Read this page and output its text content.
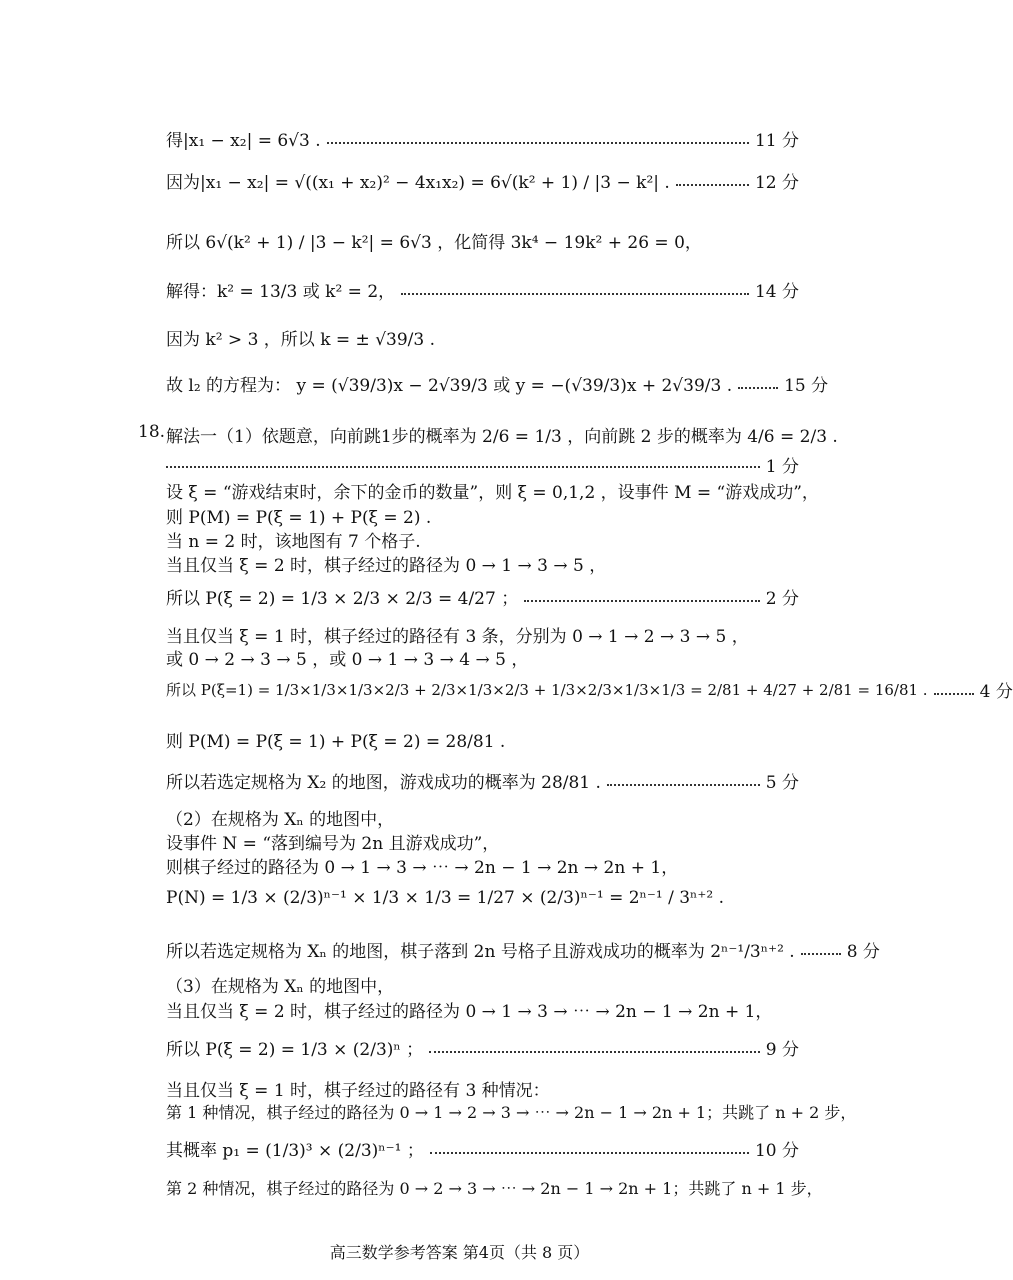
得|x₁ − x₂| = 6√3 .	11 分
因为|x₁ − x₂| = √((x₁ + x₂)² − 4x₁x₂) = 6√(k² + 1) / |3 − k²| .	12 分
所以 6√(k² + 1) / |3 − k²| = 6√3 ，化简得 3k⁴ − 19k² + 26 = 0，
解得：k² = 13/3 或 k² = 2，	14 分
因为 k² > 3 ，所以 k = ± √39/3 .
故 l₂ 的方程为： y = (√39/3)x − 2√39/3 或 y = −(√39/3)x + 2√39/3 .	15 分
18. 解法一（1）依题意，向前跳1步的概率为 2/6 = 1/3 ，向前跳 2 步的概率为 4/6 = 2/3 .
1 分
设 ξ = “游戏结束时，余下的金币的数量”，则 ξ = 0,1,2 ，设事件 M = “游戏成功”，
则 P(M) = P(ξ = 1) + P(ξ = 2) .
当 n = 2 时，该地图有 7 个格子.
当且仅当 ξ = 2 时，棋子经过的路径为 0 → 1 → 3 → 5 ，
所以 P(ξ = 2) = 1/3 × 2/3 × 2/3 = 4/27 ；	2 分
当且仅当 ξ = 1 时，棋子经过的路径有 3 条，分别为 0 → 1 → 2 → 3 → 5 ，
或 0 → 2 → 3 → 5 ，或 0 → 1 → 3 → 4 → 5 ，
所以 P(ξ=1) = 1/3×1/3×1/3×2/3 + 2/3×1/3×2/3 + 1/3×2/3×1/3×1/3 = 2/81 + 4/27 + 2/81 = 16/81 .	4 分
则 P(M) = P(ξ = 1) + P(ξ = 2) = 28/81 .
所以若选定规格为 X₂ 的地图，游戏成功的概率为 28/81 .	5 分
（2）在规格为 Xₙ 的地图中，
设事件 N = “落到编号为 2n 且游戏成功”，
则棋子经过的路径为 0 → 1 → 3 → ⋯ → 2n − 1 → 2n → 2n + 1，
P(N) = 1/3 × (2/3)ⁿ⁻¹ × 1/3 × 1/3 = 1/27 × (2/3)ⁿ⁻¹ = 2ⁿ⁻¹ / 3ⁿ⁺² .
所以若选定规格为 Xₙ 的地图，棋子落到 2n 号格子且游戏成功的概率为 2ⁿ⁻¹/3ⁿ⁺² .	8 分
（3）在规格为 Xₙ 的地图中，
当且仅当 ξ = 2 时，棋子经过的路径为 0 → 1 → 3 → ⋯ → 2n − 1 → 2n + 1，
所以 P(ξ = 2) = 1/3 × (2/3)ⁿ ；	9 分
当且仅当 ξ = 1 时，棋子经过的路径有 3 种情况：
第 1 种情况，棋子经过的路径为 0 → 1 → 2 → 3 → ⋯ → 2n − 1 → 2n + 1；共跳了 n + 2 步，
其概率 p₁ = (1/3)³ × (2/3)ⁿ⁻¹ ；	10 分
第 2 种情况，棋子经过的路径为 0 → 2 → 3 → ⋯ → 2n − 1 → 2n + 1；共跳了 n + 1 步，
高三数学参考答案 第4页（共 8 页）
